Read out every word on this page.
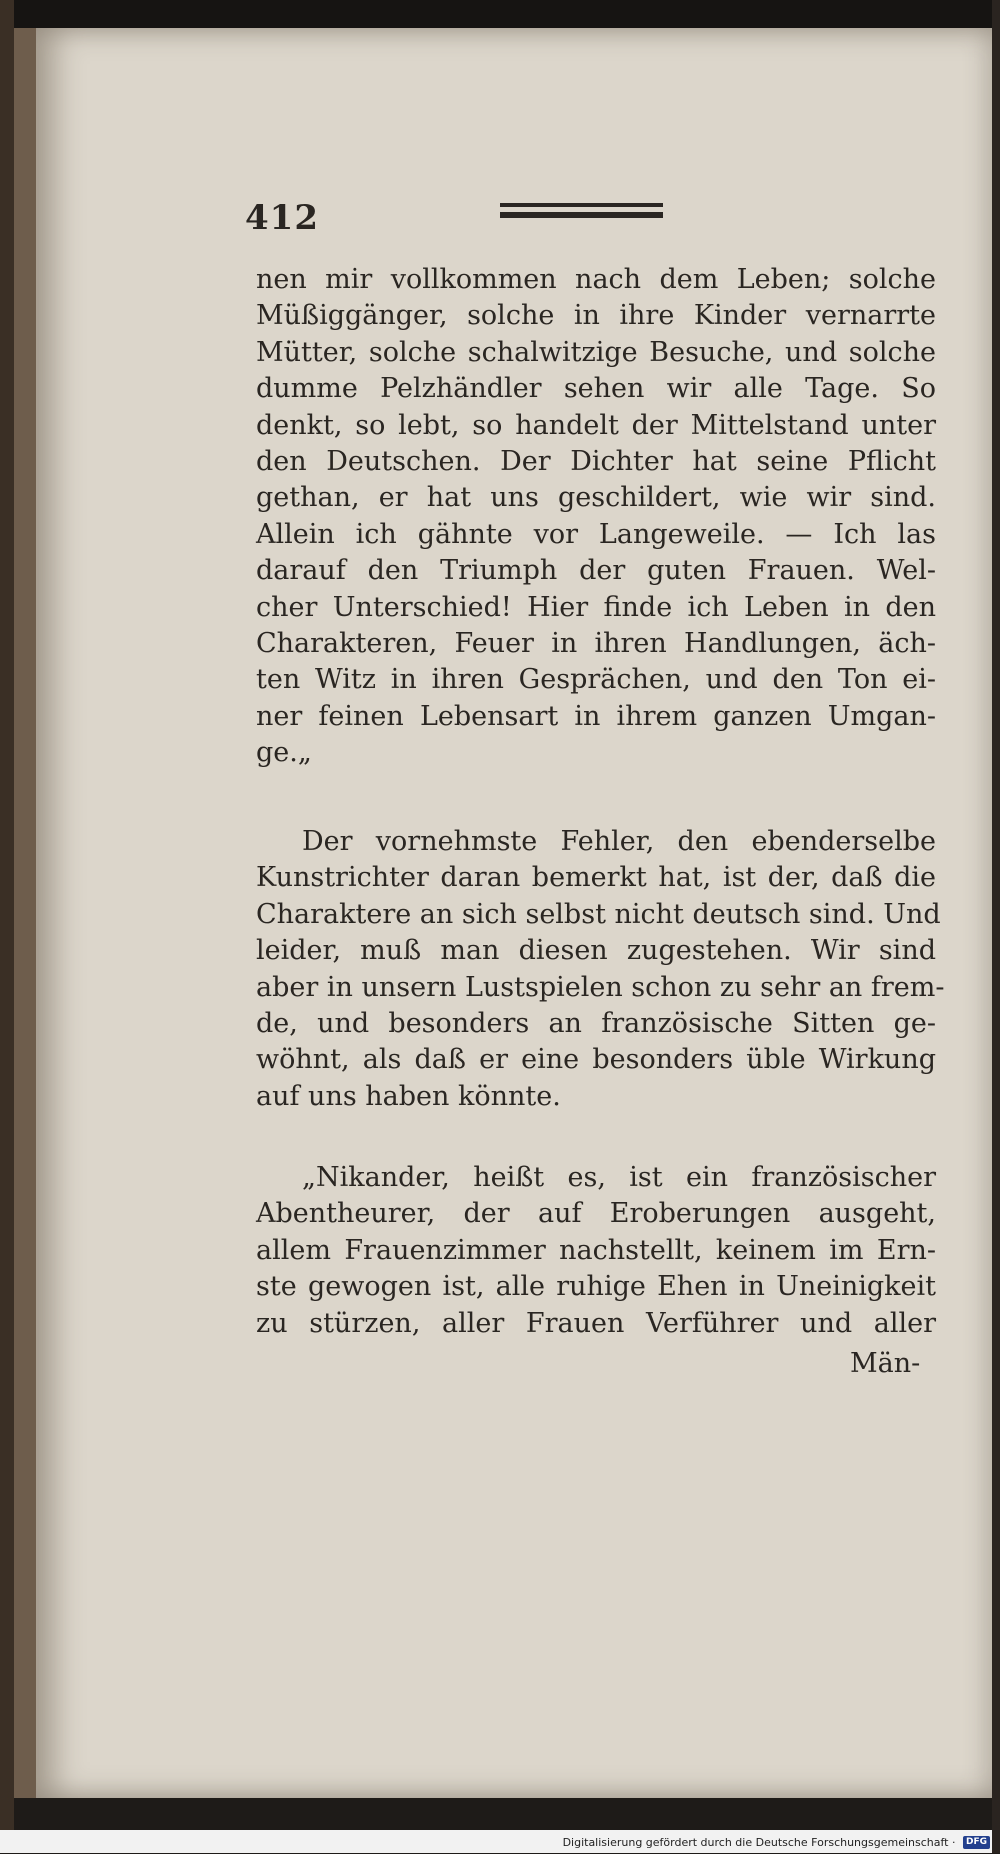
412
nen mir vollkommen nach dem Leben; solche
Müßiggänger, solche in ihre Kinder vernarrte
Mütter, solche schalwitzige Besuche, und solche
dumme Pelzhändler sehen wir alle Tage. So
denkt, so lebt, so handelt der Mittelstand unter
den Deutschen. Der Dichter hat seine Pflicht
gethan, er hat uns geschildert, wie wir sind.
Allein ich gähnte vor Langeweile. — Ich las
darauf den Triumph der guten Frauen. Wel-
cher Unterschied! Hier finde ich Leben in den
Charakteren, Feuer in ihren Handlungen, äch-
ten Witz in ihren Gesprächen, und den Ton ei-
ner feinen Lebensart in ihrem ganzen Umgan-
ge.„
Der vornehmste Fehler, den ebenderselbe
Kunstrichter daran bemerkt hat, ist der, daß die
Charaktere an sich selbst nicht deutsch sind. Und
leider, muß man diesen zugestehen. Wir sind
aber in unsern Lustspielen schon zu sehr an frem-
de, und besonders an französische Sitten ge-
wöhnt, als daß er eine besonders üble Wirkung
auf uns haben könnte.
„Nikander, heißt es, ist ein französischer
Abentheurer, der auf Eroberungen ausgeht,
allem Frauenzimmer nachstellt, keinem im Ern-
ste gewogen ist, alle ruhige Ehen in Uneinigkeit
zu stürzen, aller Frauen Verführer und aller
Män-
Digitalisierung gefördert durch die Deutsche Forschungsgemeinschaft · DFG
